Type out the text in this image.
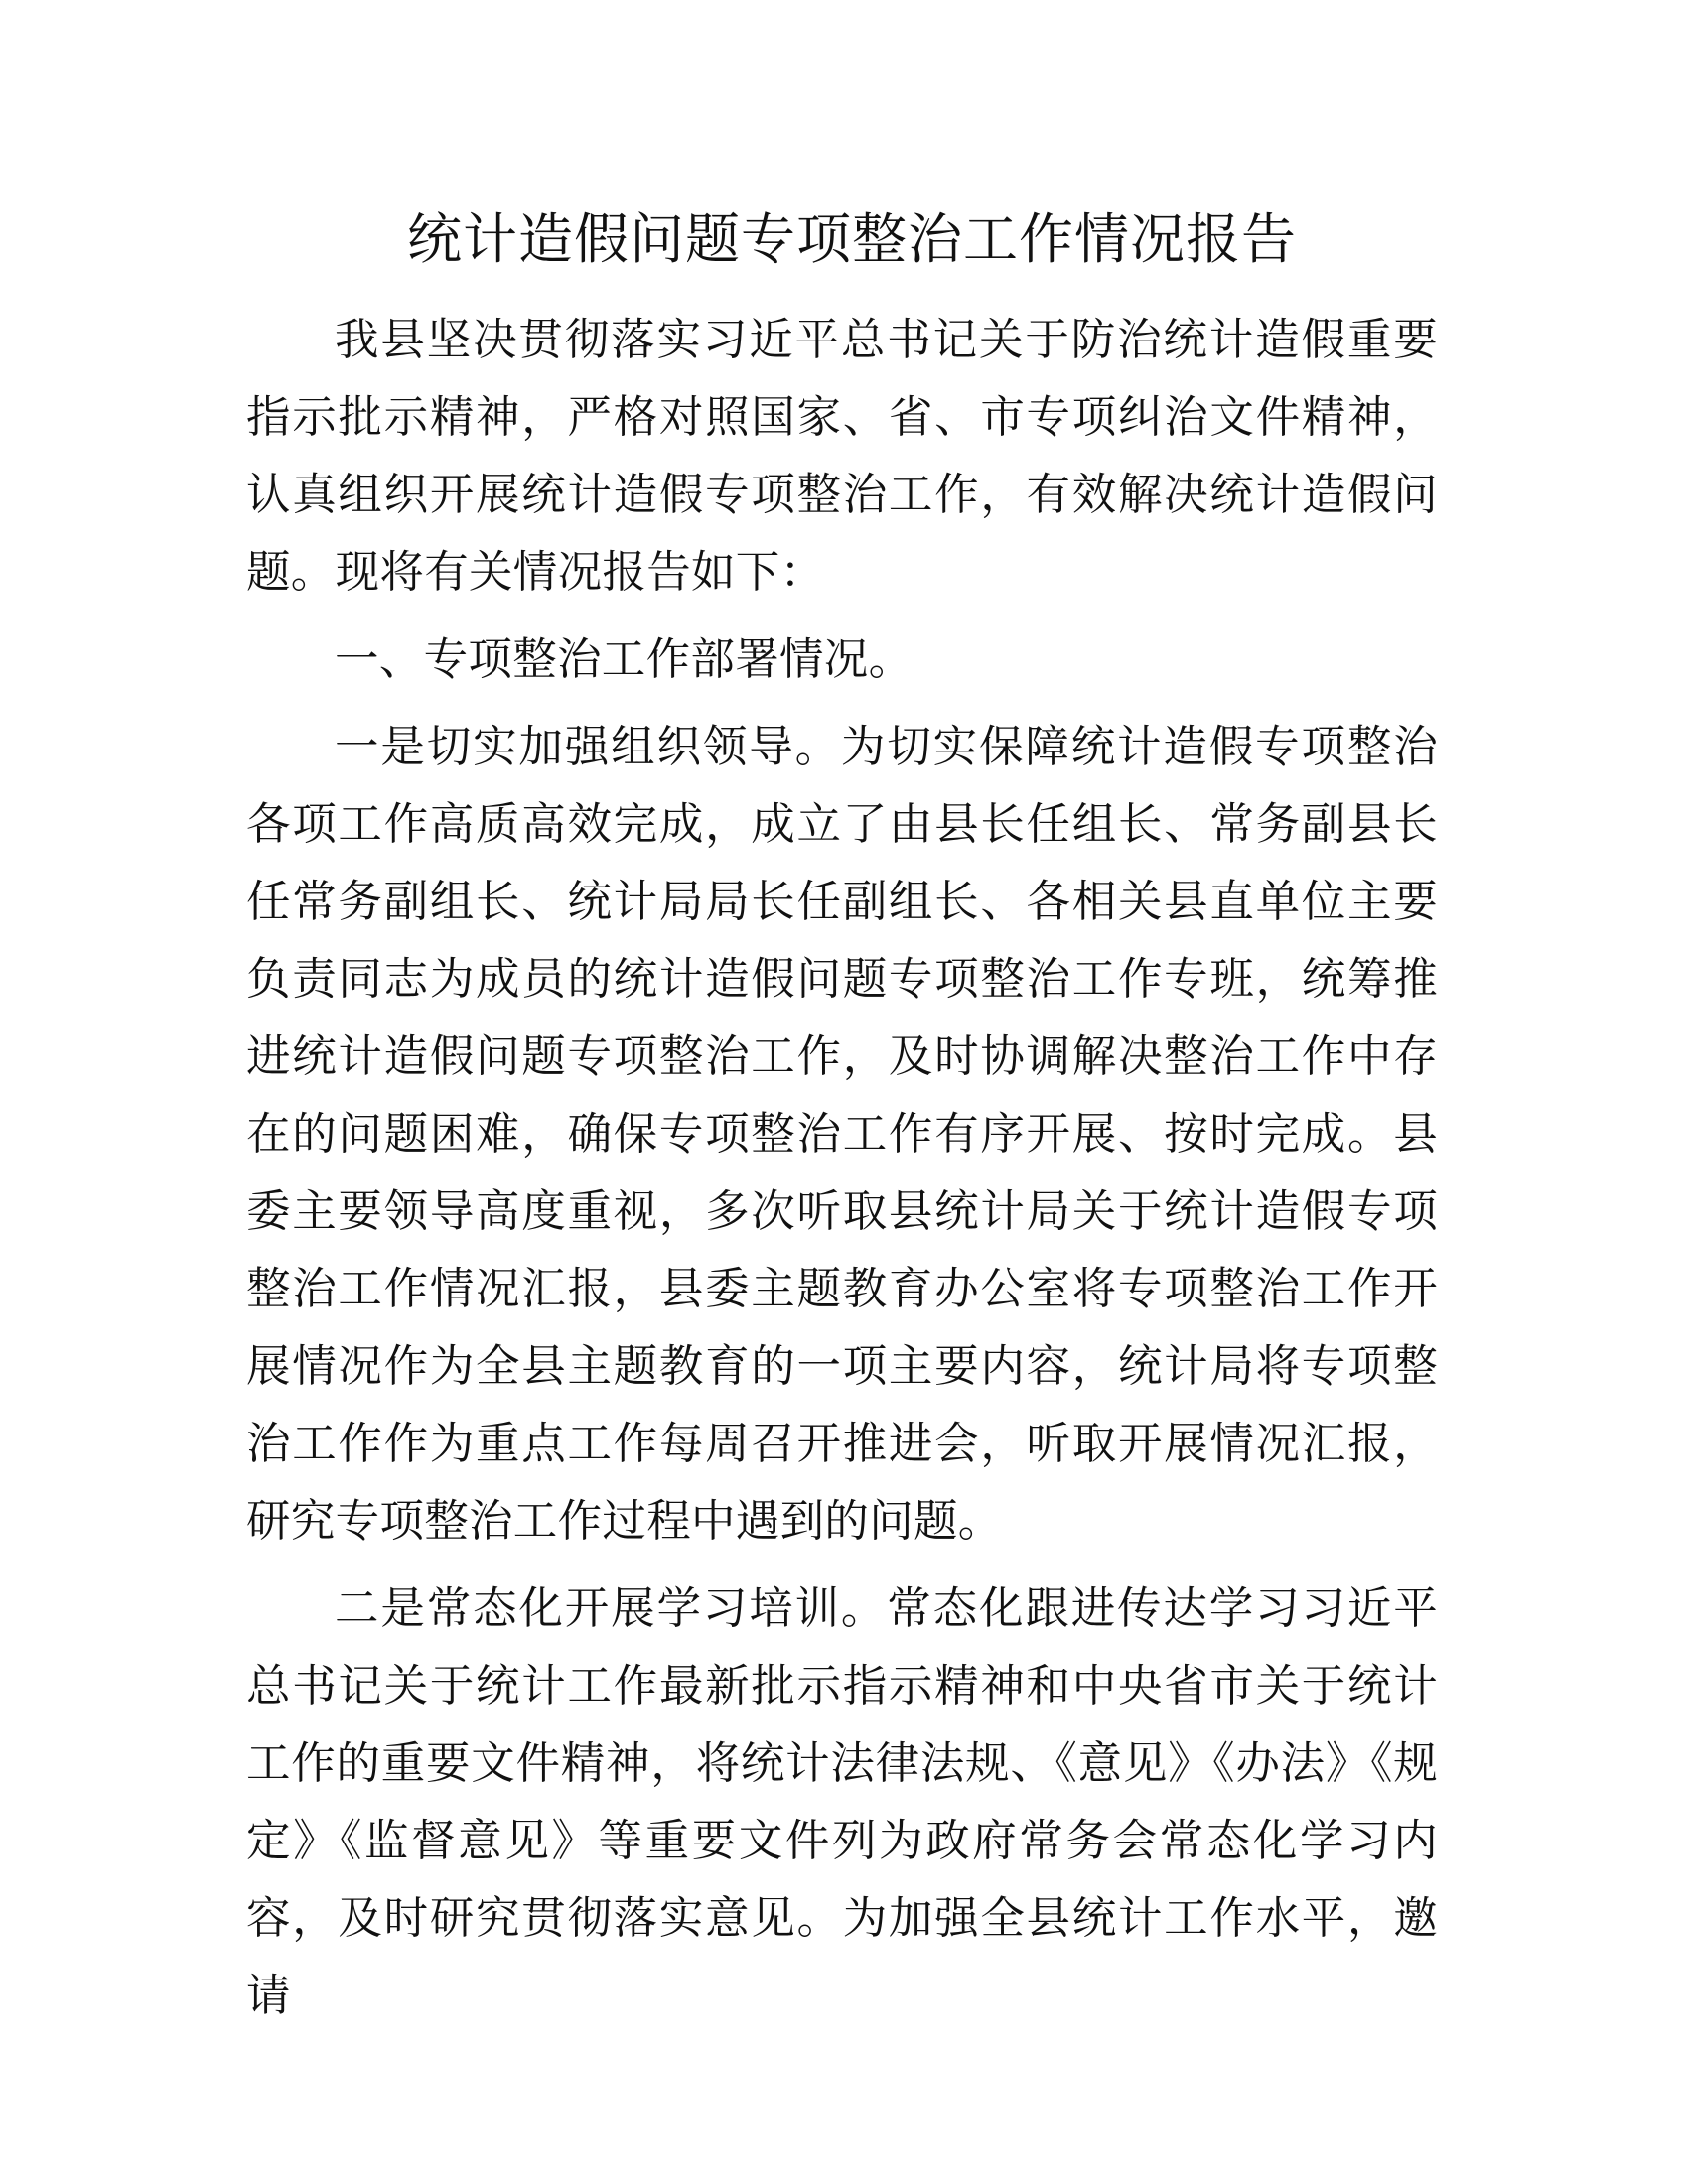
统计造假问题专项整治工作情况报告

我县坚决贯彻落实习近平总书记关于防治统计造假重要指示批示精神，严格对照国家、省、市专项纠治文件精神，认真组织开展统计造假专项整治工作，有效解决统计造假问题。现将有关情况报告如下：

一、专项整治工作部署情况。

一是切实加强组织领导。为切实保障统计造假专项整治各项工作高质高效完成，成立了由县长任组长、常务副县长任常务副组长、统计局局长任副组长、各相关县直单位主要负责同志为成员的统计造假问题专项整治工作专班，统筹推进统计造假问题专项整治工作，及时协调解决整治工作中存在的问题困难，确保专项整治工作有序开展、按时完成。县委主要领导高度重视，多次听取县统计局关于统计造假专项整治工作情况汇报，县委主题教育办公室将专项整治工作开展情况作为全县主题教育的一项主要内容，统计局将专项整治工作作为重点工作每周召开推进会，听取开展情况汇报，研究专项整治工作过程中遇到的问题。

二是常态化开展学习培训。常态化跟进传达学习习近平总书记关于统计工作最新批示指示精神和中央省市关于统计工作的重要文件精神，将统计法律法规、《意见》《办法》《规定》《监督意见》等重要文件列为政府常务会常态化学习内容，及时研究贯彻落实意见。为加强全县统计工作水平，邀请
